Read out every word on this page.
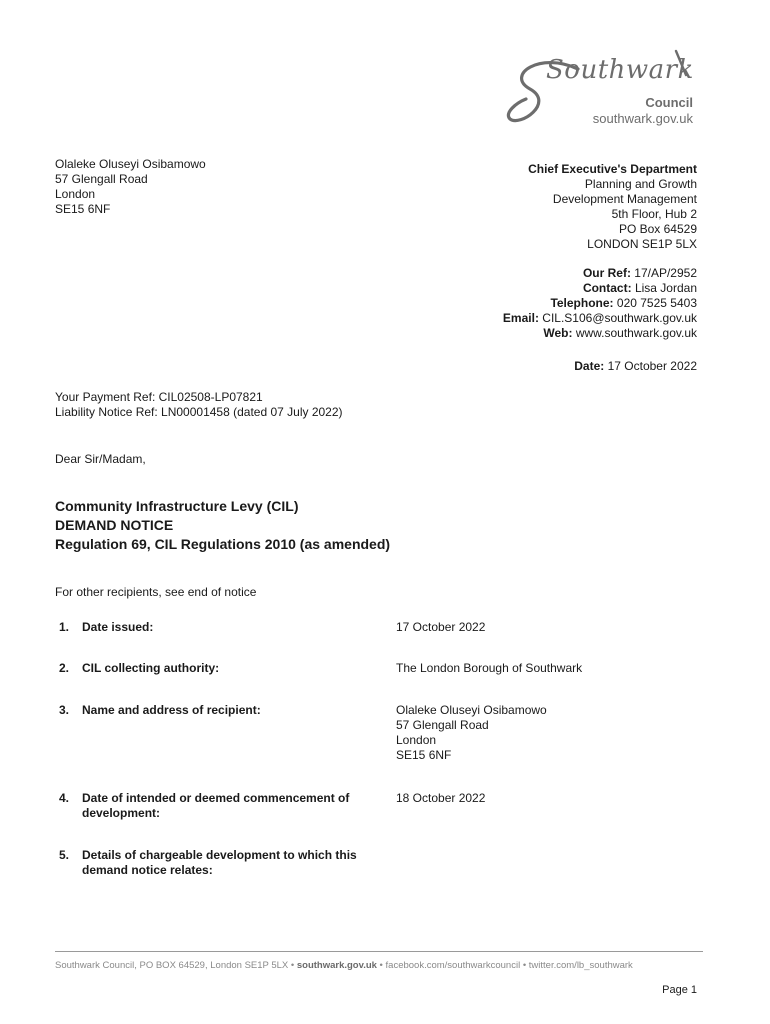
Southwark
Council
southwark.gov.uk
Olaleke Oluseyi Osibamowo
57 Glengall Road
London
SE15 6NF
Chief Executive's Department
Planning and Growth
Development Management
5th Floor, Hub 2
PO Box 64529
LONDON SE1P 5LX
Our Ref: 17/AP/2952
Contact: Lisa Jordan
Telephone: 020 7525 5403
Email: CIL.S106@southwark.gov.uk
Web: www.southwark.gov.uk
Date: 17 October 2022
Your Payment Ref: CIL02508-LP07821
Liability Notice Ref: LN00001458 (dated 07 July 2022)
Dear Sir/Madam,
Community Infrastructure Levy (CIL)
DEMAND NOTICE
Regulation 69, CIL Regulations 2010 (as amended)
For other recipients, see end of notice
1. Date issued:	17 October 2022
2. CIL collecting authority:	The London Borough of Southwark
3. Name and address of recipient:	Olaleke Oluseyi Osibamowo
57 Glengall Road
London
SE15 6NF
4. Date of intended or deemed commencement of development:
18 October 2022
5. Details of chargeable development to which this demand notice relates:
Southwark Council, PO BOX 64529, London SE1P 5LX • southwark.gov.uk • facebook.com/southwarkcouncil • twitter.com/lb_southwark
Page 1
